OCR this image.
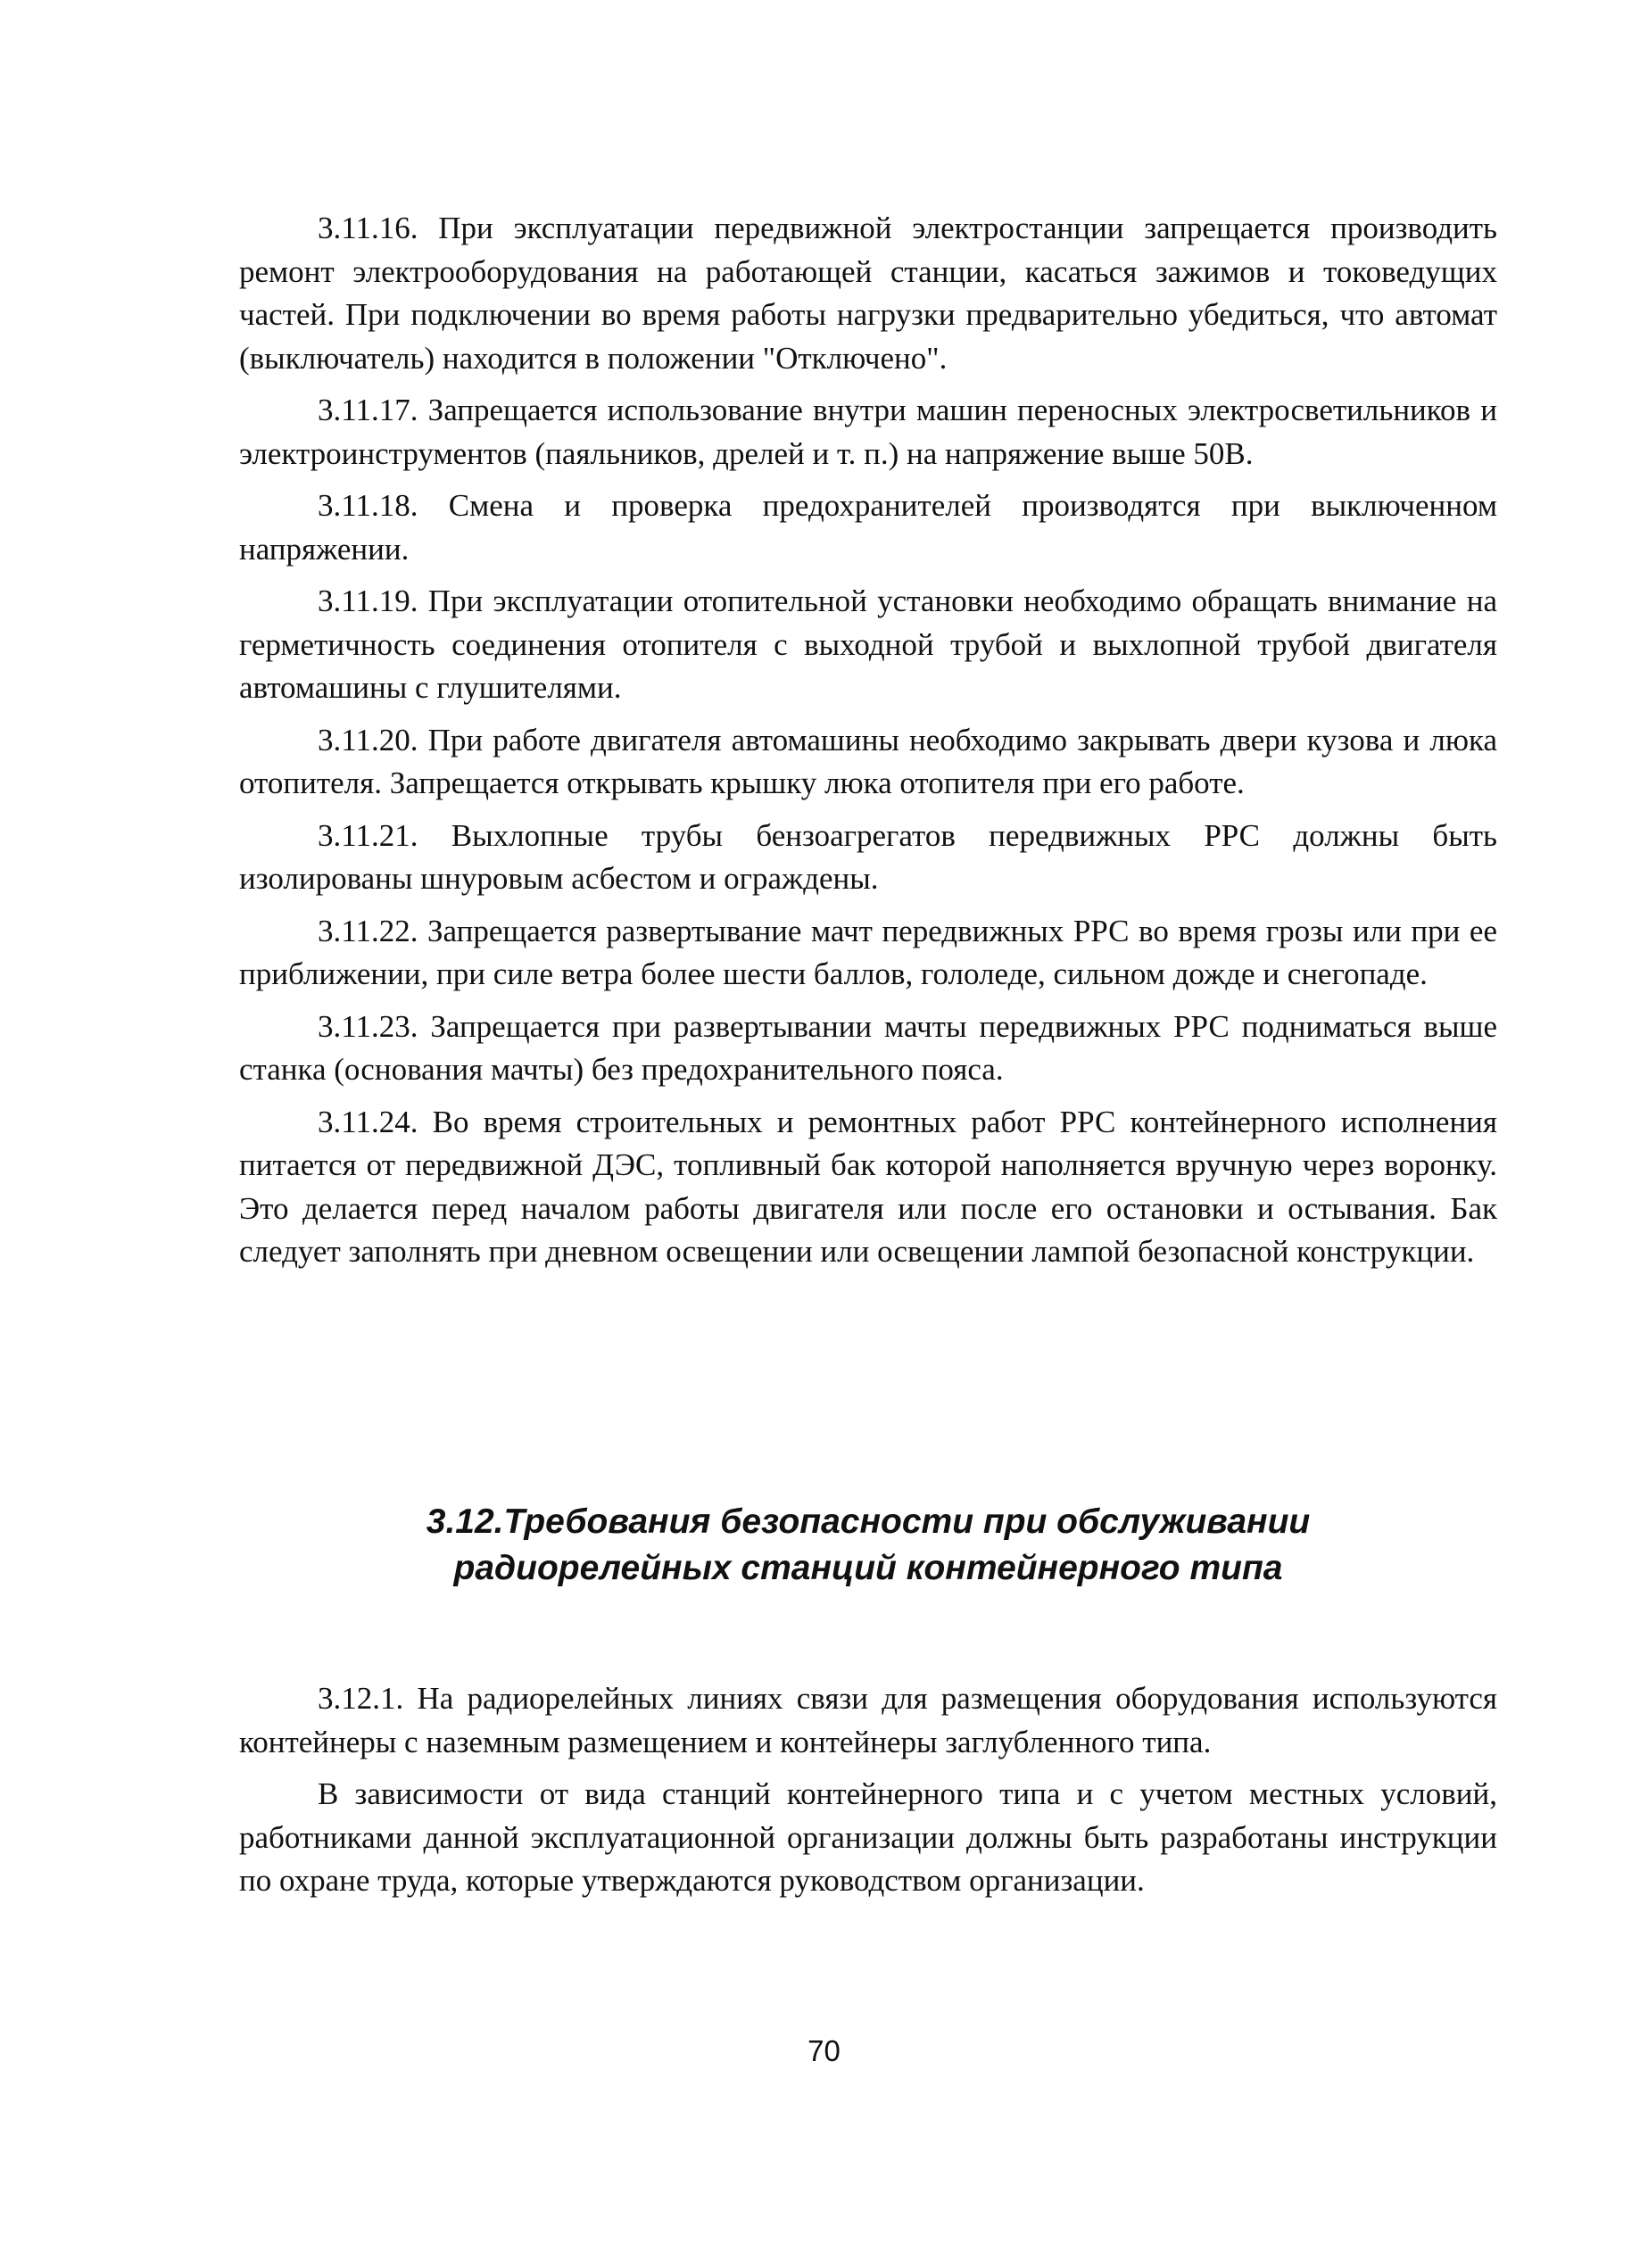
3.11.16. При эксплуатации передвижной электростанции запрещается производить ремонт электрооборудования на работающей станции, касаться зажимов и токоведущих частей. При подключении во время работы нагрузки предварительно убедиться, что автомат (выключатель) находится в положении "Отключено".

3.11.17. Запрещается использование внутри машин переносных электросветильников и электроинструментов (паяльников, дрелей и т. п.) на напряжение выше 50В.

3.11.18. Смена и проверка предохранителей производятся при выключенном напряжении.

3.11.19. При эксплуатации отопительной установки необходимо обращать внимание на герметичность соединения отопителя с выходной трубой и выхлопной трубой двигателя автомашины с глушителями.

3.11.20. При работе двигателя автомашины необходимо закрывать двери кузова и люка отопителя. Запрещается открывать крышку люка отопителя при его работе.

3.11.21. Выхлопные трубы бензоагрегатов передвижных РРС должны быть изолированы шнуровым асбестом и ограждены.

3.11.22. Запрещается развертывание мачт передвижных РРС во время грозы или при ее приближении, при силе ветра более шести баллов, гололеде, сильном дожде и снегопаде.

3.11.23. Запрещается при развертывании мачты передвижных РРС подниматься выше станка (основания мачты) без предохранительного пояса.

3.11.24. Во время строительных и ремонтных работ РРС контейнерного исполнения питается от передвижной ДЭС, топливный бак которой наполняется вручную через воронку. Это делается перед началом работы двигателя или после его остановки и остывания. Бак следует заполнять при дневном освещении или освещении лампой безопасной конструкции.

3.12.Требования безопасности при обслуживании
радиорелейных станций контейнерного типа

3.12.1. На радиорелейных линиях связи для размещения оборудования используются контейнеры с наземным размещением и контейнеры заглубленного типа.

В зависимости от вида станций контейнерного типа и с учетом местных условий, работниками данной эксплуатационной организации должны быть разработаны инструкции по охране труда, которые утверждаются руководством организации.

70
